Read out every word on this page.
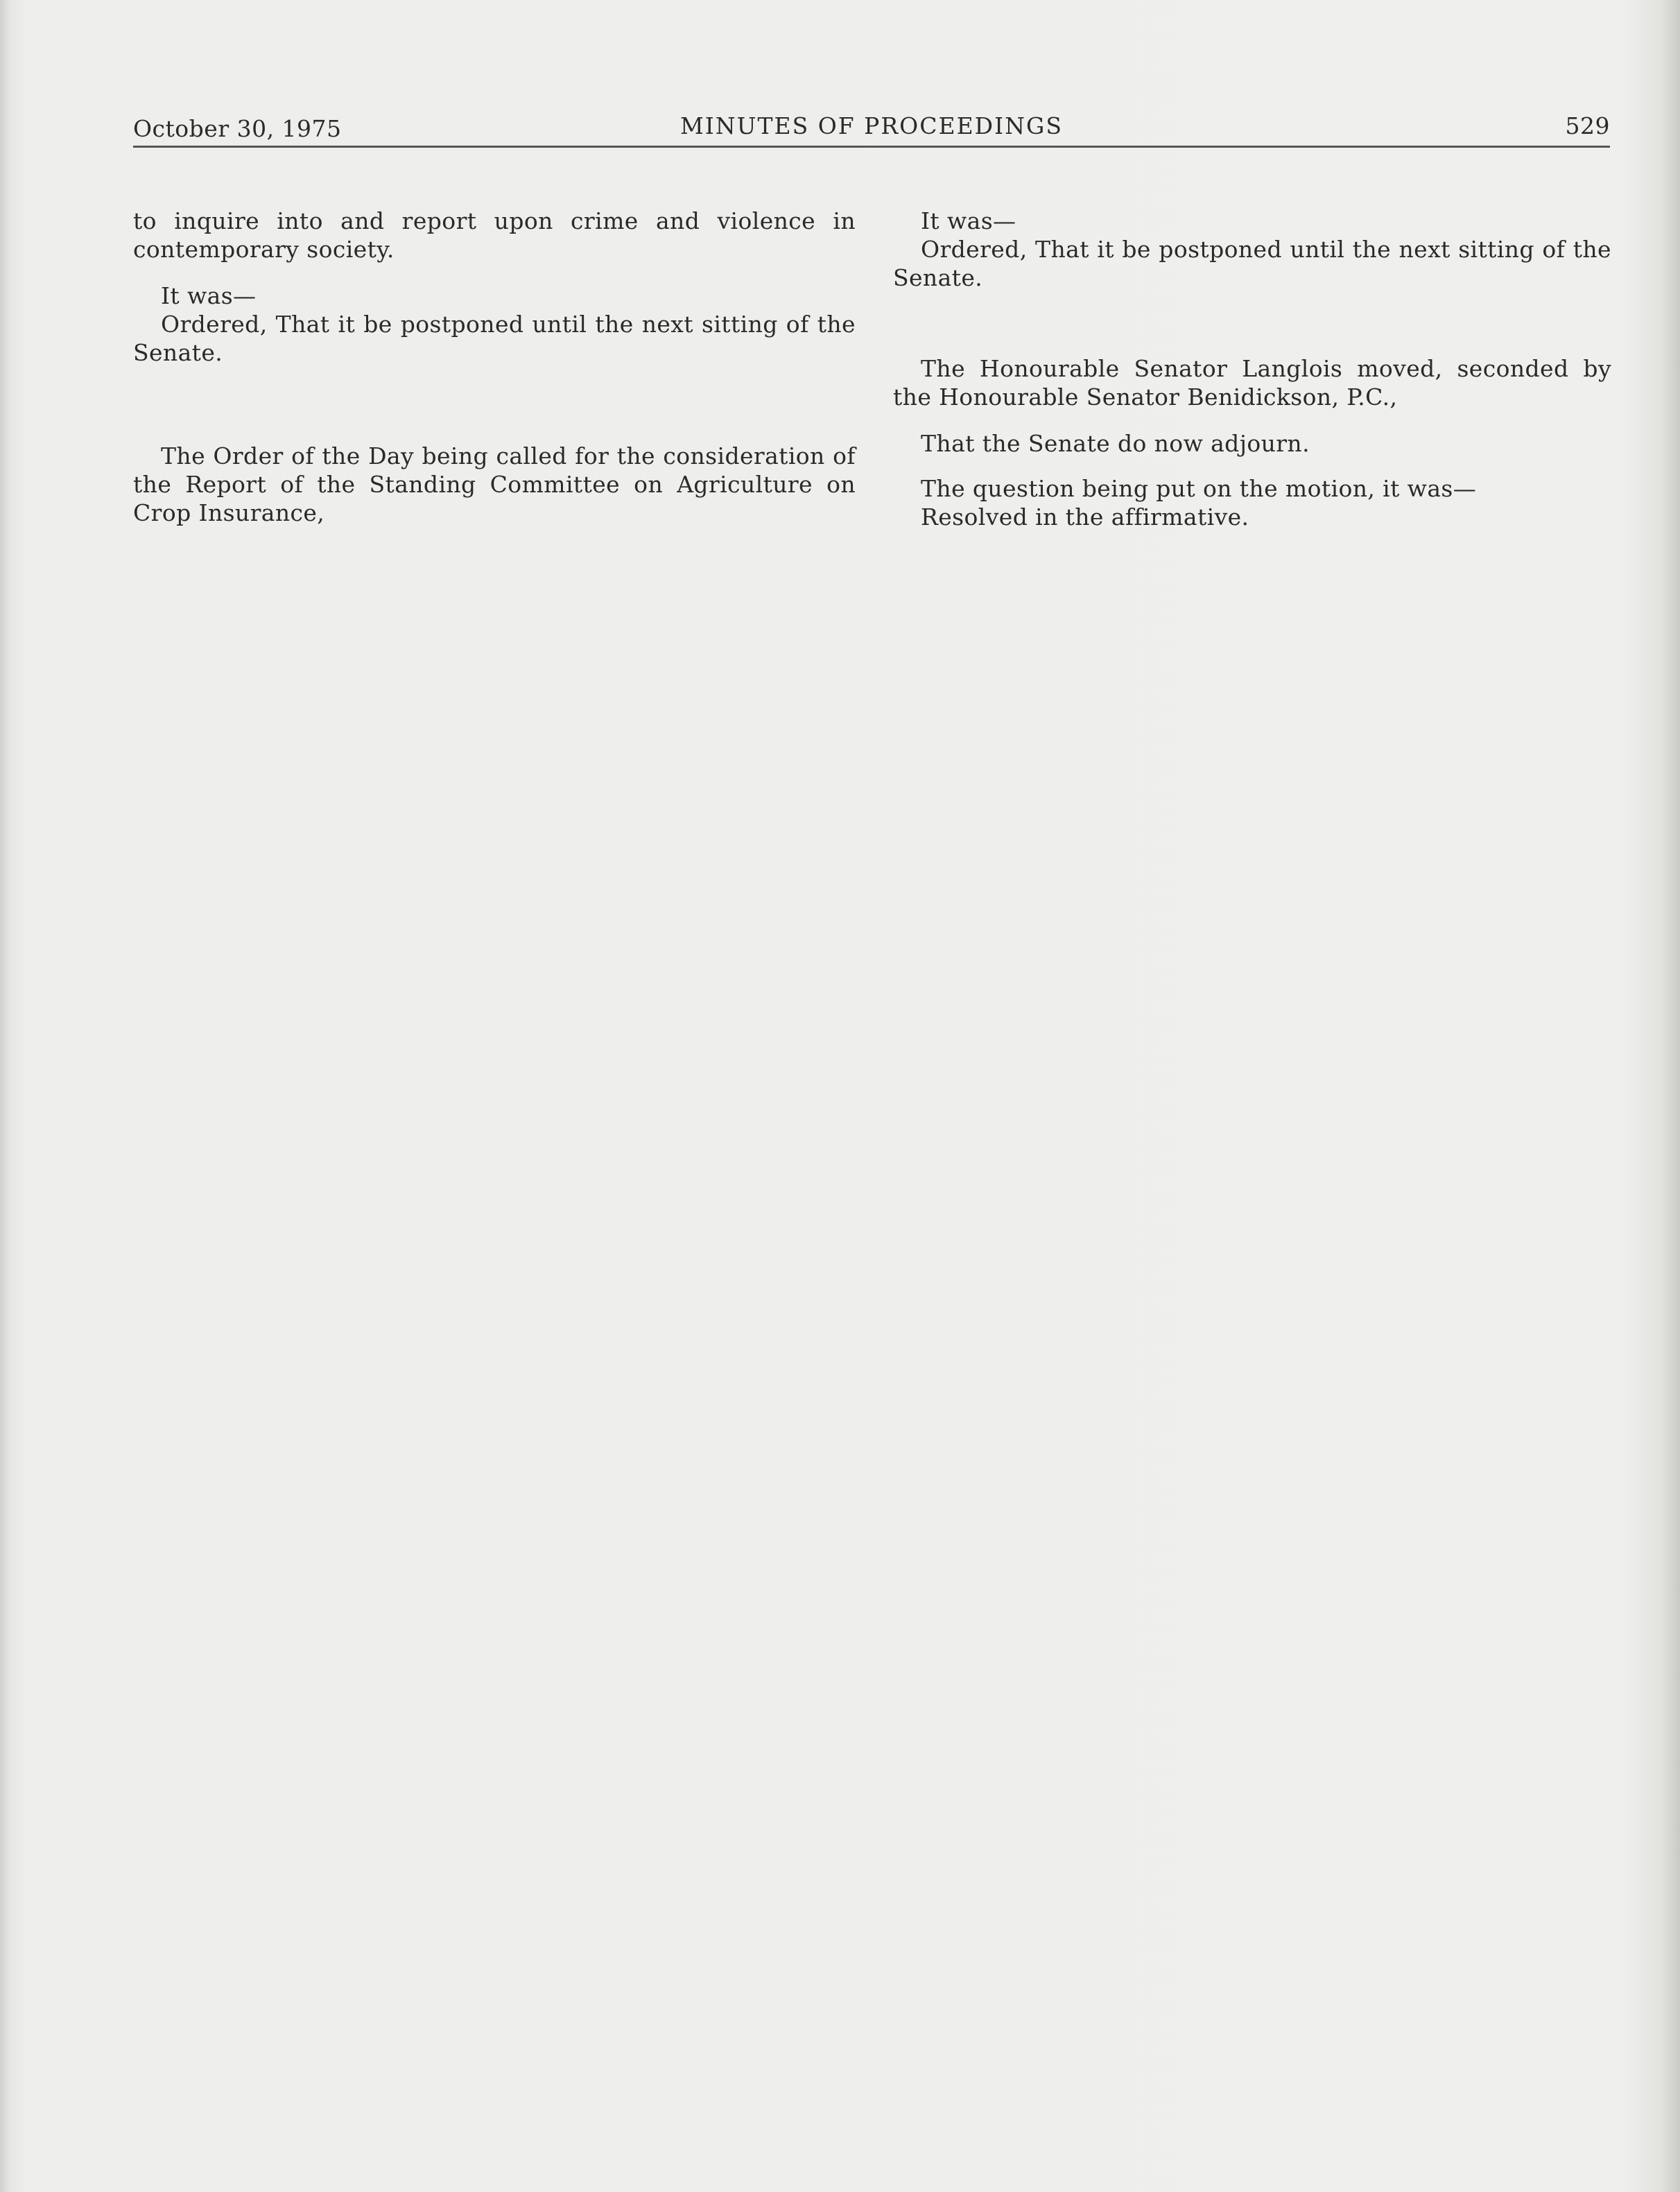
October 30, 1975	MINUTES OF PROCEEDINGS	529

to inquire into and report upon crime and violence in contemporary society.

It was—
Ordered, That it be postponed until the next sitting of the Senate.

The Order of the Day being called for the consideration of the Report of the Standing Committee on Agriculture on Crop Insurance,

It was—
Ordered, That it be postponed until the next sitting of the Senate.

The Honourable Senator Langlois moved, seconded by the Honourable Senator Benidickson, P.C.,

That the Senate do now adjourn.

The question being put on the motion, it was—
Resolved in the affirmative.
